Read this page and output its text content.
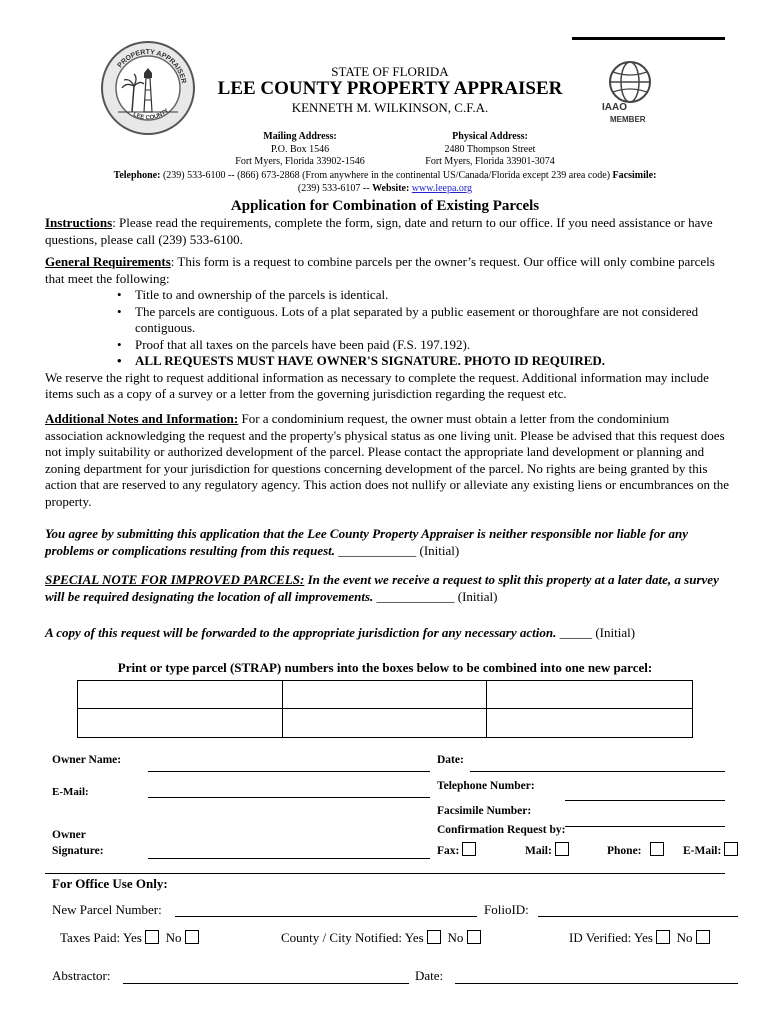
PROPERTY APPRAISER
LEE COUNTY
STATE OF FLORIDA
LEE COUNTY PROPERTY APPRAISER
KENNETH M. WILKINSON, C.F.A.	IAAO
MEMBER
Mailing Address:
P.O. Box 1546
Fort Myers, Florida 33902-1546
Physical Address:
2480 Thompson Street
Fort Myers, Florida 33901-3074
Telephone: (239) 533-6100 -- (866) 673-2868 (From anywhere in the continental US/Canada/Florida except 239 area code) Facsimile:
(239) 533-6107 -- Website: www.leepa.org
Application for Combination of Existing Parcels

Instructions: Please read the requirements, complete the form, sign, date and return to our office. If you need assistance or have questions, please call (239) 533-6100.

General Requirements: This form is a request to combine parcels per the owner’s request. Our office will only combine parcels that meet the following:

• Title to and ownership of the parcels is identical.
• The parcels are contiguous. Lots of a plat separated by a public easement or thoroughfare are not considered contiguous.
• Proof that all taxes on the parcels have been paid (F.S. 197.192).
• ALL REQUESTS MUST HAVE OWNER'S SIGNATURE. PHOTO ID REQUIRED.

We reserve the right to request additional information as necessary to complete the request. Additional information may include items such as a copy of a survey or a letter from the governing jurisdiction regarding the request etc.

Additional Notes and Information: For a condominium request, the owner must obtain a letter from the condominium association acknowledging the request and the property's physical status as one living unit. Please be advised that this request does not imply suitability or authorized development of the parcel. Please contact the appropriate land development or planning and zoning department for your jurisdiction for questions concerning development of the parcel. No rights are being granted by this action that are reserved to any regulatory agency. This action does not nullify or alleviate any existing liens or encumbrances on the property.

You agree by submitting this application that the Lee County Property Appraiser is neither responsible nor liable for any problems or complications resulting from this request. ____________ (Initial)

SPECIAL NOTE FOR IMPROVED PARCELS: In the event we receive a request to split this property at a later date, a survey will be required designating the location of all improvements. ____________ (Initial)

A copy of this request will be forwarded to the appropriate jurisdiction for any necessary action. _____ (Initial)

Print or type parcel (STRAP) numbers into the boxes below to be combined into one new parcel:
Owner Name:	Date:
E-Mail:	Telephone Number:
Facsimile Number:
Owner
Signature:
Confirmation Request by:
Fax:	Mail:	Phone:	E-Mail:
For Office Use Only:
New Parcel Number:	FolioID:
Taxes Paid: Yes No	County / City Notified: Yes No	ID Verified: Yes No
Abstractor:	Date:
